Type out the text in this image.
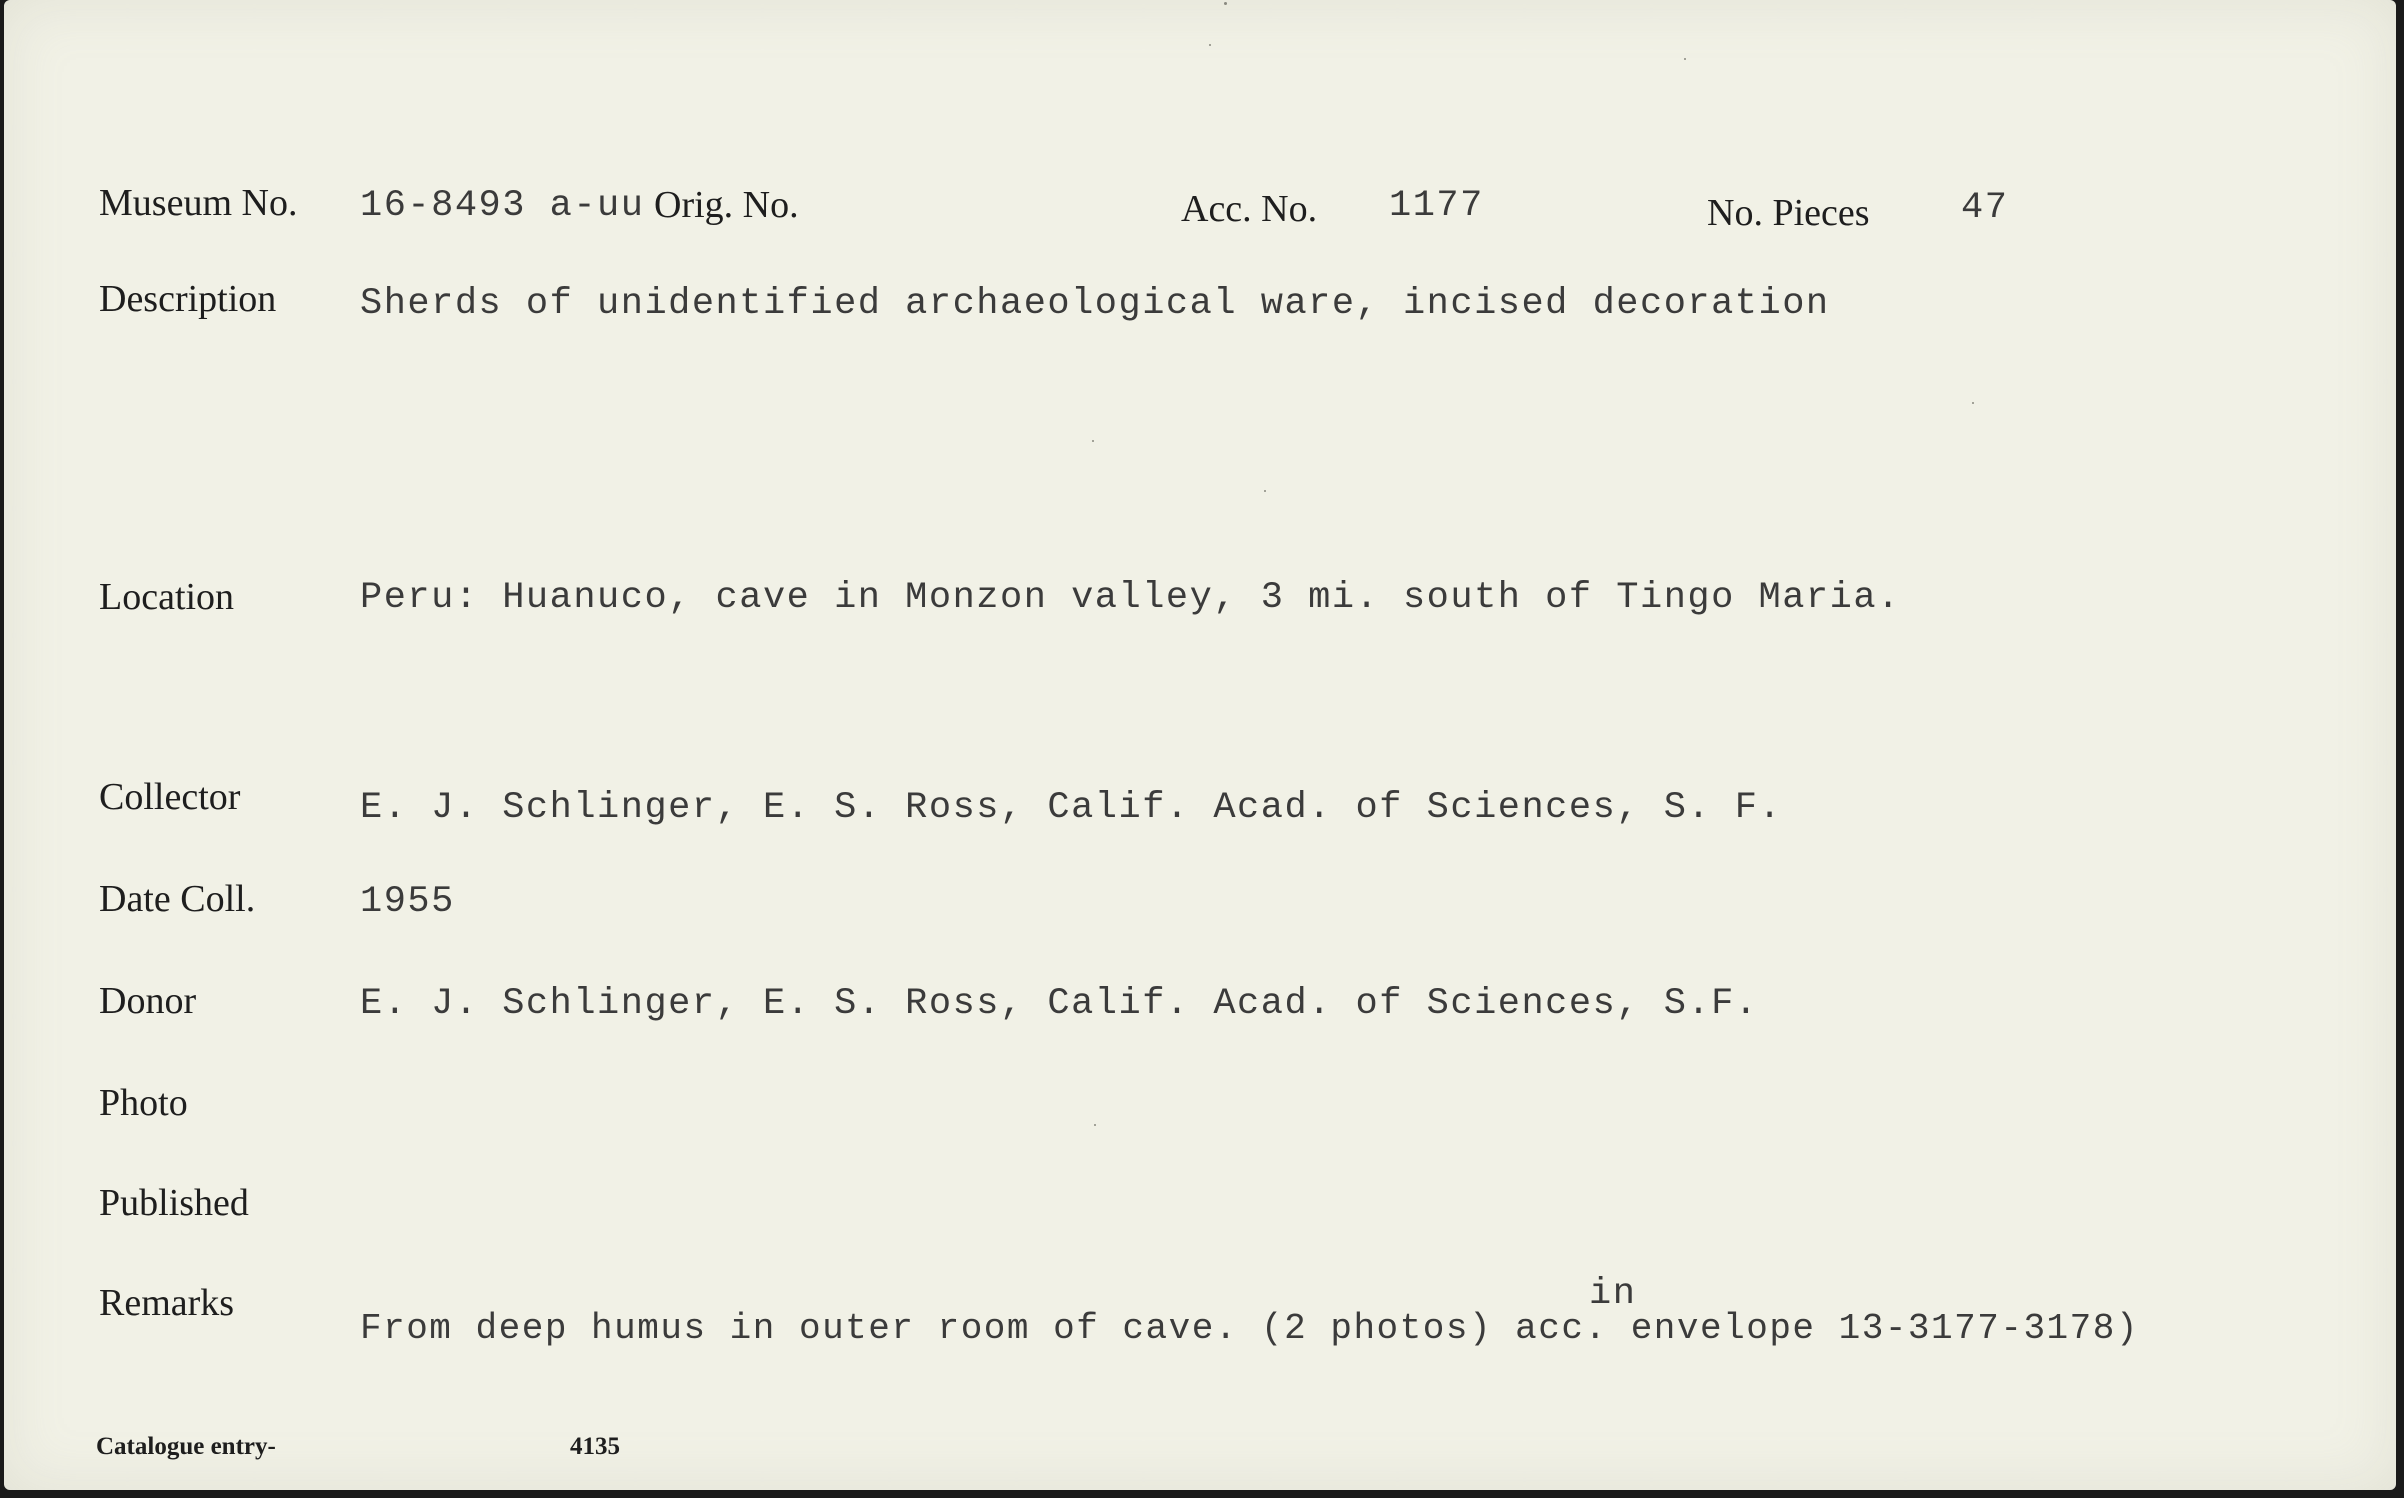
Museum No. 16-8493 a-uu Orig. No.	Acc. No. 1177	No. Pieces 47
Description Sherds of unidentified archaeological ware, incised decoration
Location	Peru: Huanuco, cave in Monzon valley, 3 mi. south of Tingo Maria.
Collector	E. J. Schlinger, E. S. Ross, Calif. Acad. of Sciences, S. F.
Date Coll.	1955
Donor	E. J. Schlinger, E. S. Ross, Calif. Acad. of Sciences, S.F.
Photo
Published
Remarks	in
From deep humus in outer room of cave. (2 photos) acc. envelope 13-3177-3178)
Catalogue entry-	4135
